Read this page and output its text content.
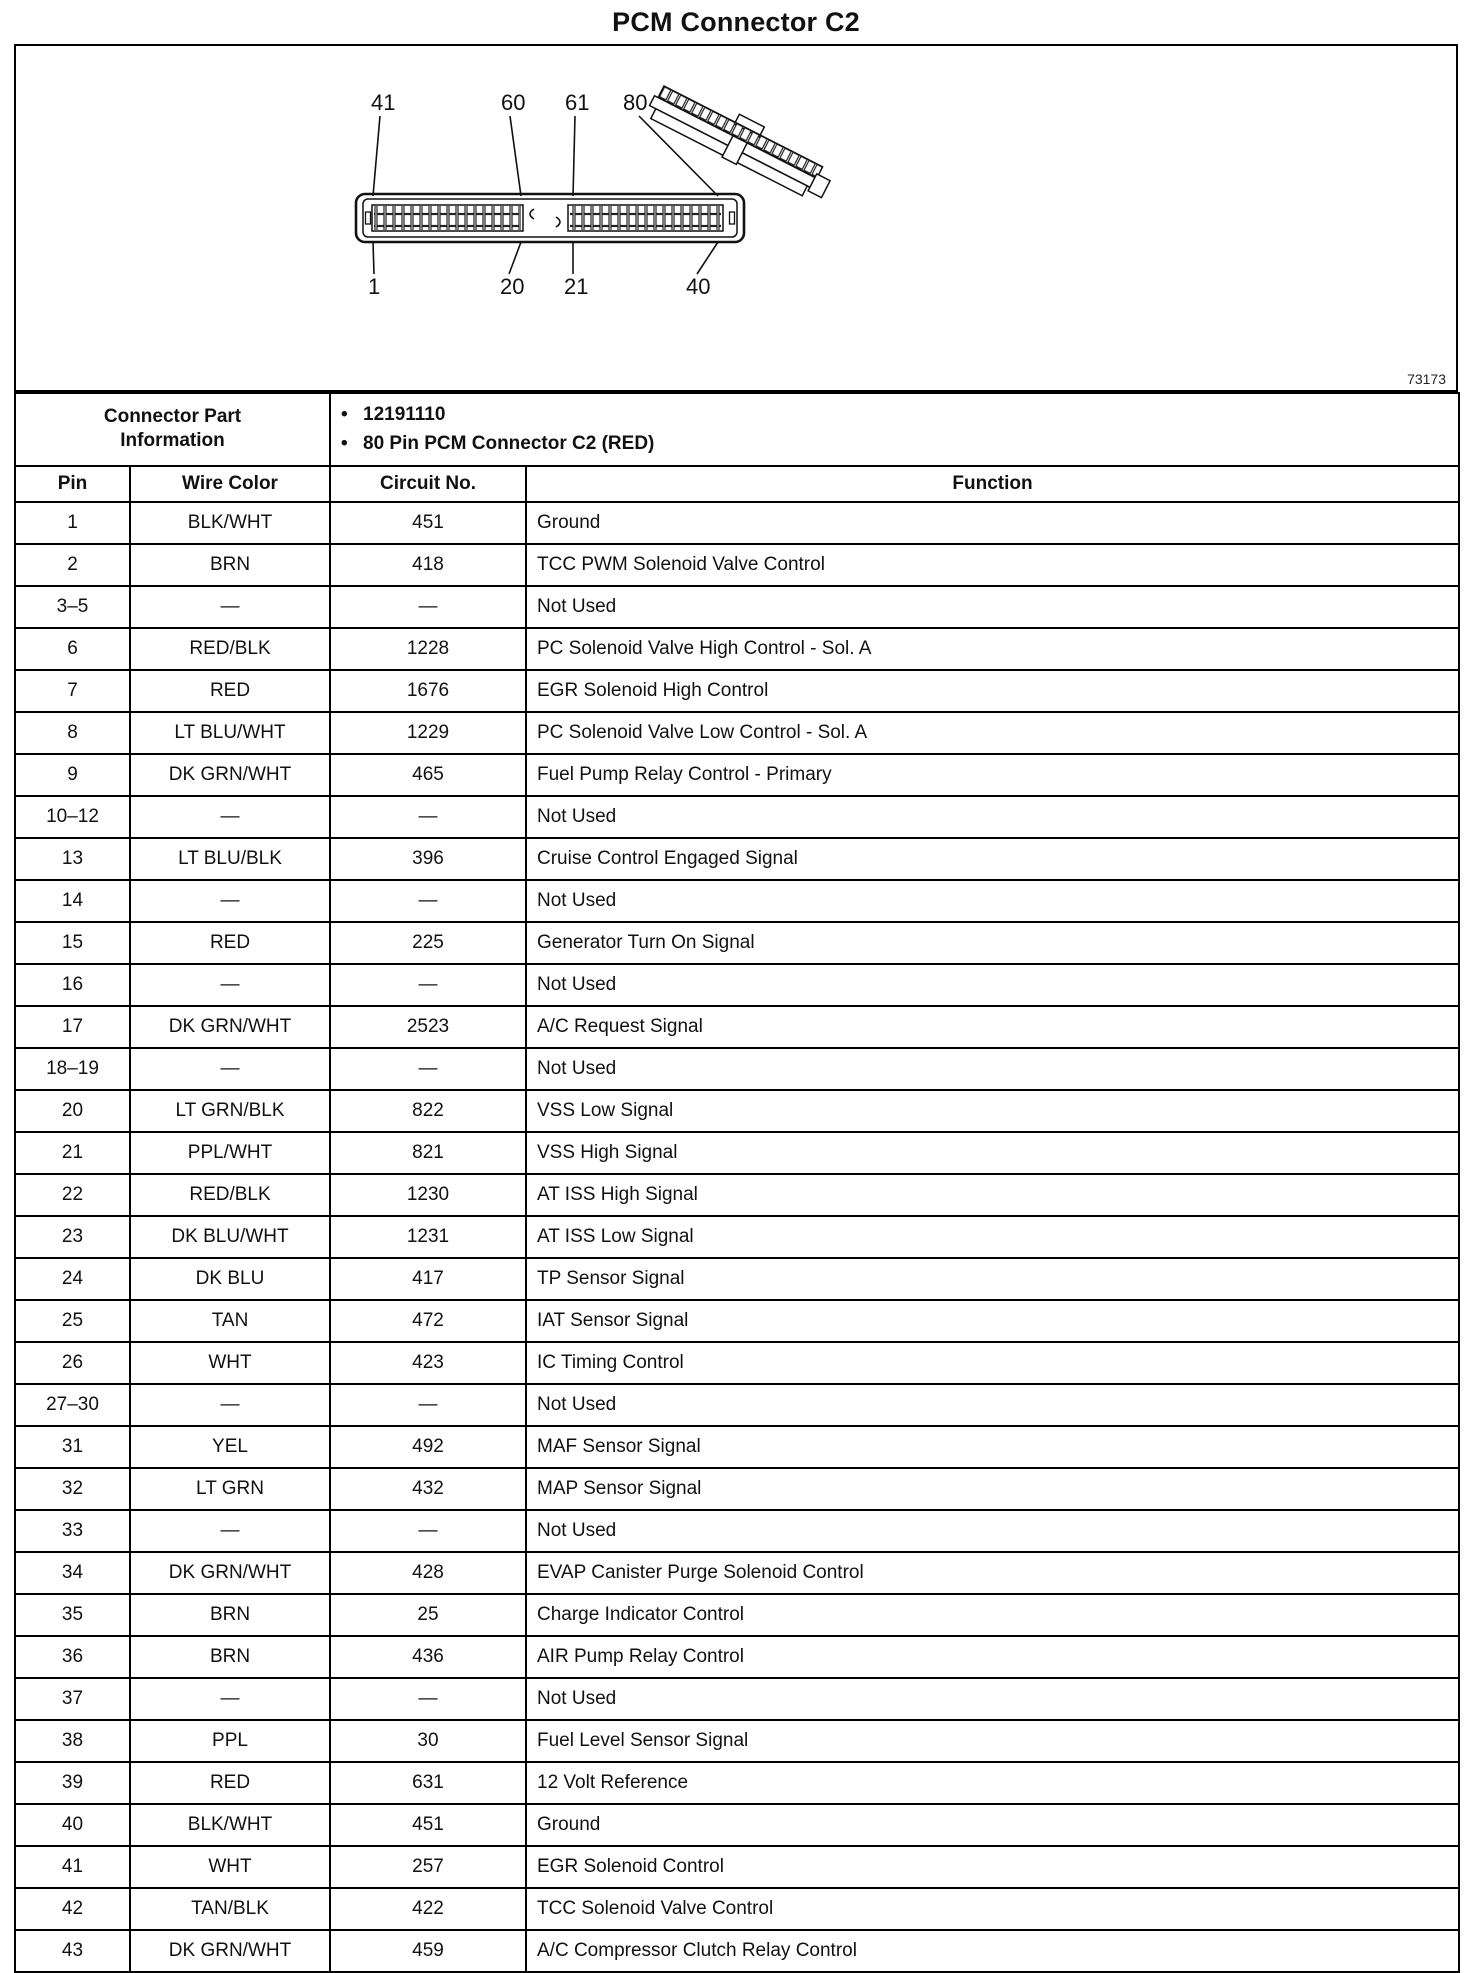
PCM Connector C2
41	60 61 80
1	20 21	40
73173
Connector Part Information		• 12191110
• 80 Pin PCM Connector C2 (RED)	

Pin	Wire Color	Circuit No.	Function
1	BLK/WHT	451	Ground
2	BRN	418	TCC PWM Solenoid Valve Control
3–5	—	—	Not Used
6	RED/BLK	1228	PC Solenoid Valve High Control - Sol. A
7	RED	1676	EGR Solenoid High Control
8	LT BLU/WHT	1229	PC Solenoid Valve Low Control - Sol. A
9	DK GRN/WHT	465	Fuel Pump Relay Control - Primary
10–12	—	—	Not Used
13	LT BLU/BLK	396	Cruise Control Engaged Signal
14	—	—	Not Used
15	RED	225	Generator Turn On Signal
16	—	—	Not Used
17	DK GRN/WHT	2523	A/C Request Signal
18–19	—	—	Not Used
20	LT GRN/BLK	822	VSS Low Signal
21	PPL/WHT	821	VSS High Signal
22	RED/BLK	1230	AT ISS High Signal
23	DK BLU/WHT	1231	AT ISS Low Signal
24	DK BLU	417	TP Sensor Signal
25	TAN	472	IAT Sensor Signal
26	WHT	423	IC Timing Control
27–30	—	—	Not Used
31	YEL	492	MAF Sensor Signal
32	LT GRN	432	MAP Sensor Signal
33	—	—	Not Used
34	DK GRN/WHT	428	EVAP Canister Purge Solenoid Control
35	BRN	25	Charge Indicator Control
36	BRN	436	AIR Pump Relay Control
37	—	—	Not Used
38	PPL	30	Fuel Level Sensor Signal
39	RED	631	12 Volt Reference
40	BLK/WHT	451	Ground
41	WHT	257	EGR Solenoid Control
42	TAN/BLK	422	TCC Solenoid Valve Control
43	DK GRN/WHT	459	A/C Compressor Clutch Relay Control
